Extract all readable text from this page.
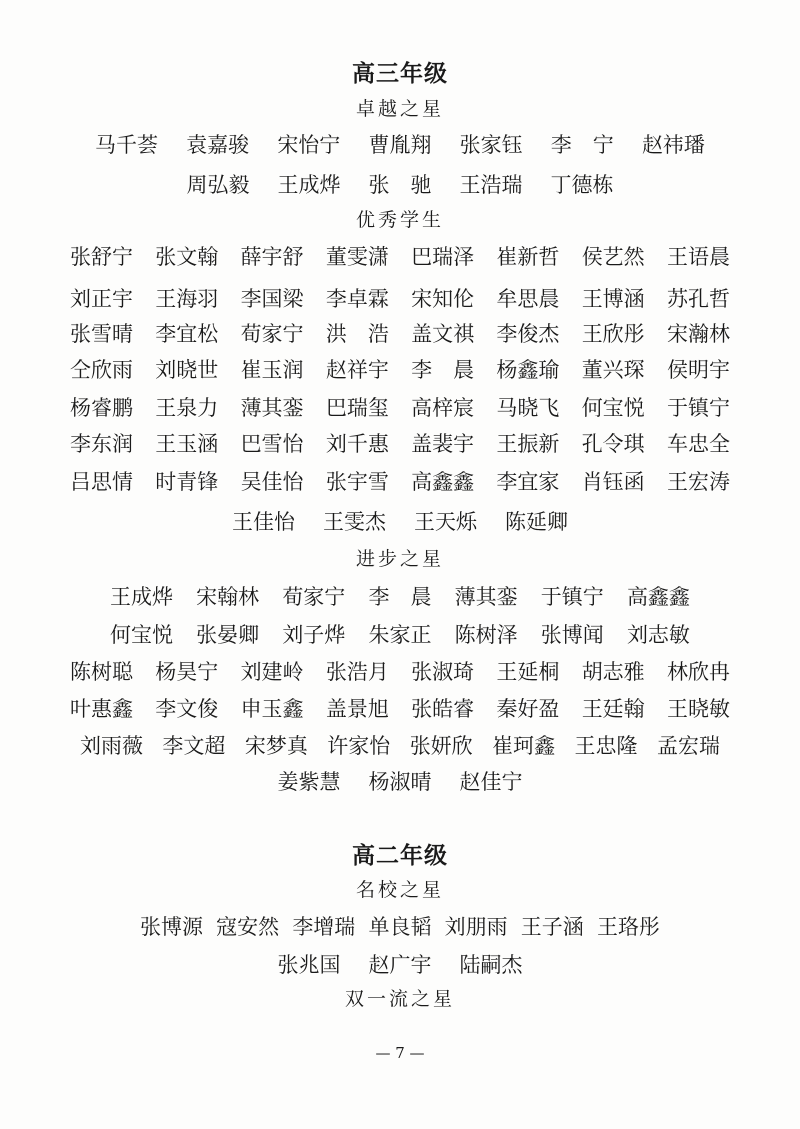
高三年级
卓越之星
马千荟 袁嘉骏 宋怡宁 曹胤翔 张家钰 李　宁 赵祎璠
周弘毅 王成烨 张　驰 王浩瑞 丁德栋
优秀学生
张舒宁 张文翰 薛宇舒 董雯潇 巴瑞泽 崔新哲 侯艺然 王语晨
刘正宇 王海羽 李国梁 李卓霖 宋知伦 牟思晨 王博涵 苏孔哲
张雪晴 李宜松 荀家宁 洪　浩 盖文祺 李俊杰 王欣彤 宋瀚林
仝欣雨 刘晓世 崔玉润 赵祥宇 李　晨 杨鑫瑜 董兴琛 侯明宇
杨睿鹏 王泉力 薄其銮 巴瑞玺 高梓宸 马晓飞 何宝悦 于镇宁
李东润 王玉涵 巴雪怡 刘千惠 盖裴宇 王振新 孔令琪 车忠全
吕思情 时青锋 吴佳怡 张宇雪 高鑫鑫 李宜家 肖钰函 王宏涛
王佳怡 王雯杰 王天烁 陈延卿
进步之星
王成烨 宋翰林 荀家宁 李　晨 薄其銮 于镇宁 高鑫鑫
何宝悦 张晏卿 刘子烨 朱家正 陈树泽 张博闻 刘志敏
陈树聪 杨昊宁 刘建岭 张浩月 张淑琦 王延桐 胡志雅 林欣冉
叶惠鑫 李文俊 申玉鑫 盖景旭 张皓睿 秦好盈 王廷翰 王晓敏
刘雨薇 李文超 宋梦真 许家怡 张妍欣 崔珂鑫 王忠隆 孟宏瑞
姜紫慧 杨淑晴 赵佳宁
高二年级
名校之星
张博源 寇安然 李增瑞 单良韬 刘朋雨 王子涵 王珞彤
张兆国 赵广宇 陆嗣杰
双一流之星
— 7 —
